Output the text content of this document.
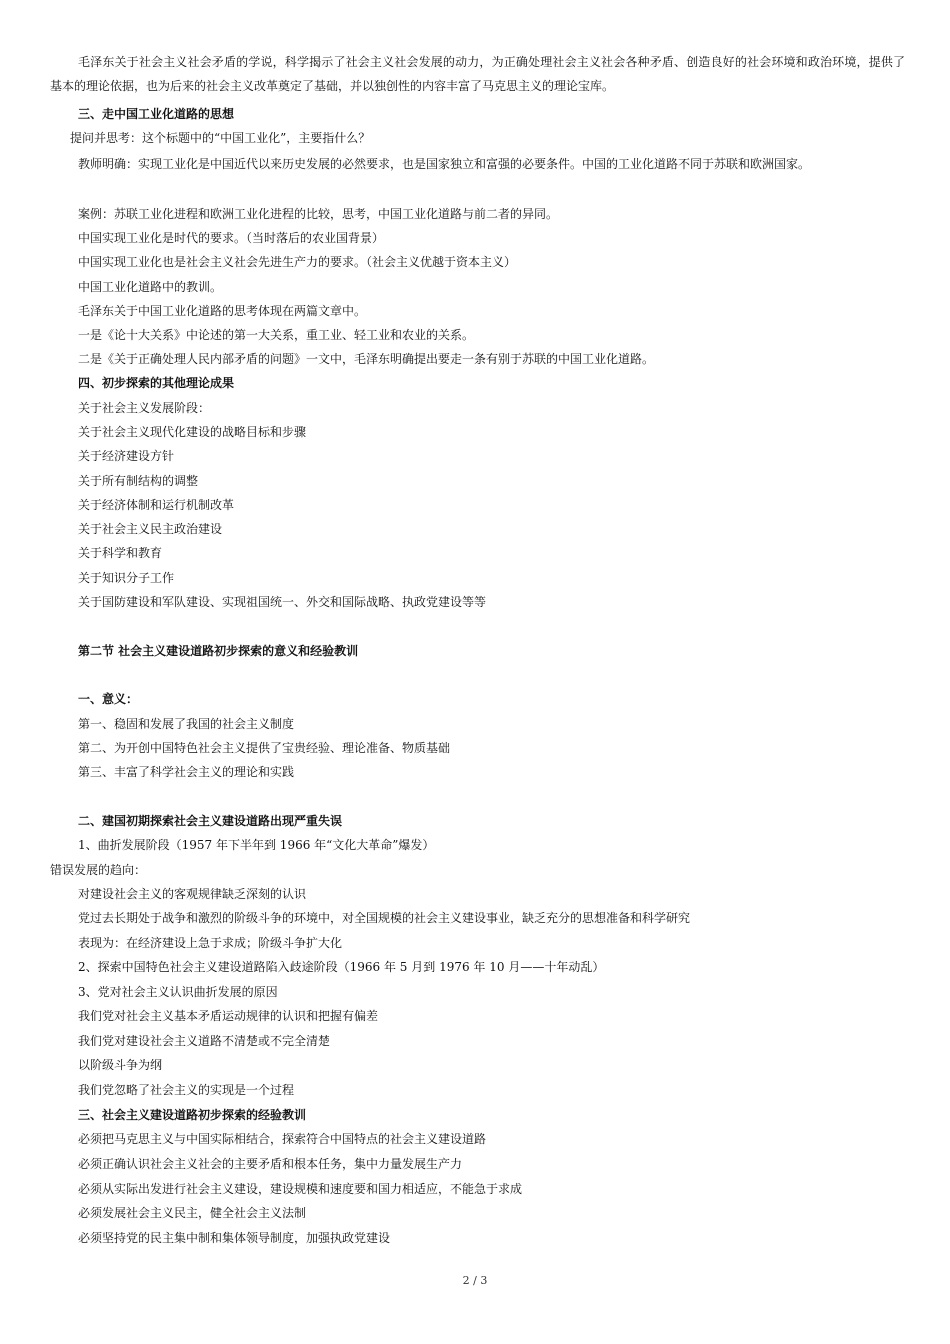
毛泽东关于社会主义社会矛盾的学说，科学揭示了社会主义社会发展的动力，为正确处理社会主义社会各种矛盾、创造良好的社会环境和政治环境，提供了基本的理论依据，也为后来的社会主义改革奠定了基础，并以独创性的内容丰富了马克思主义的理论宝库。

三、走中国工业化道路的思想
提问并思考：这个标题中的“中国工业化”，主要指什么？

教师明确：实现工业化是中国近代以来历史发展的必然要求，也是国家独立和富强的必要条件。中国的工业化道路不同于苏联和欧洲国家。

案例：苏联工业化进程和欧洲工业化进程的比较，思考，中国工业化道路与前二者的异同。
中国实现工业化是时代的要求。（当时落后的农业国背景）
中国实现工业化也是社会主义社会先进生产力的要求。（社会主义优越于资本主义）
中国工业化道路中的教训。
毛泽东关于中国工业化道路的思考体现在两篇文章中。
一是《论十大关系》中论述的第一大关系，重工业、轻工业和农业的关系。
二是《关于正确处理人民内部矛盾的问题》一文中，毛泽东明确提出要走一条有别于苏联的中国工业化道路。
四、初步探索的其他理论成果
关于社会主义发展阶段：
关于社会主义现代化建设的战略目标和步骤
关于经济建设方针
关于所有制结构的调整
关于经济体制和运行机制改革
关于社会主义民主政治建设
关于科学和教育
关于知识分子工作
关于国防建设和军队建设、实现祖国统一、外交和国际战略、执政党建设等等
第二节 社会主义建设道路初步探索的意义和经验教训
一、意义：
第一、稳固和发展了我国的社会主义制度
第二、为开创中国特色社会主义提供了宝贵经验、理论准备、物质基础
第三、丰富了科学社会主义的理论和实践
二、建国初期探索社会主义建设道路出现严重失误
1、曲折发展阶段（1957 年下半年到 1966 年“文化大革命”爆发）
错误发展的趋向：
对建设社会主义的客观规律缺乏深刻的认识
党过去长期处于战争和激烈的阶级斗争的环境中，对全国规模的社会主义建设事业，缺乏充分的思想准备和科学研究
表现为：在经济建设上急于求成；阶级斗争扩大化
2、探索中国特色社会主义建设道路陷入歧途阶段（1966 年 5 月到 1976 年 10 月——十年动乱）
3、党对社会主义认识曲折发展的原因
我们党对社会主义基本矛盾运动规律的认识和把握有偏差
我们党对建设社会主义道路不清楚或不完全清楚
以阶级斗争为纲
我们党忽略了社会主义的实现是一个过程
三、社会主义建设道路初步探索的经验教训
必须把马克思主义与中国实际相结合，探索符合中国特点的社会主义建设道路
必须正确认识社会主义社会的主要矛盾和根本任务，集中力量发展生产力
必须从实际出发进行社会主义建设，建设规模和速度要和国力相适应，不能急于求成
必须发展社会主义民主，健全社会主义法制
必须坚持党的民主集中制和集体领导制度，加强执政党建设
2 / 3
